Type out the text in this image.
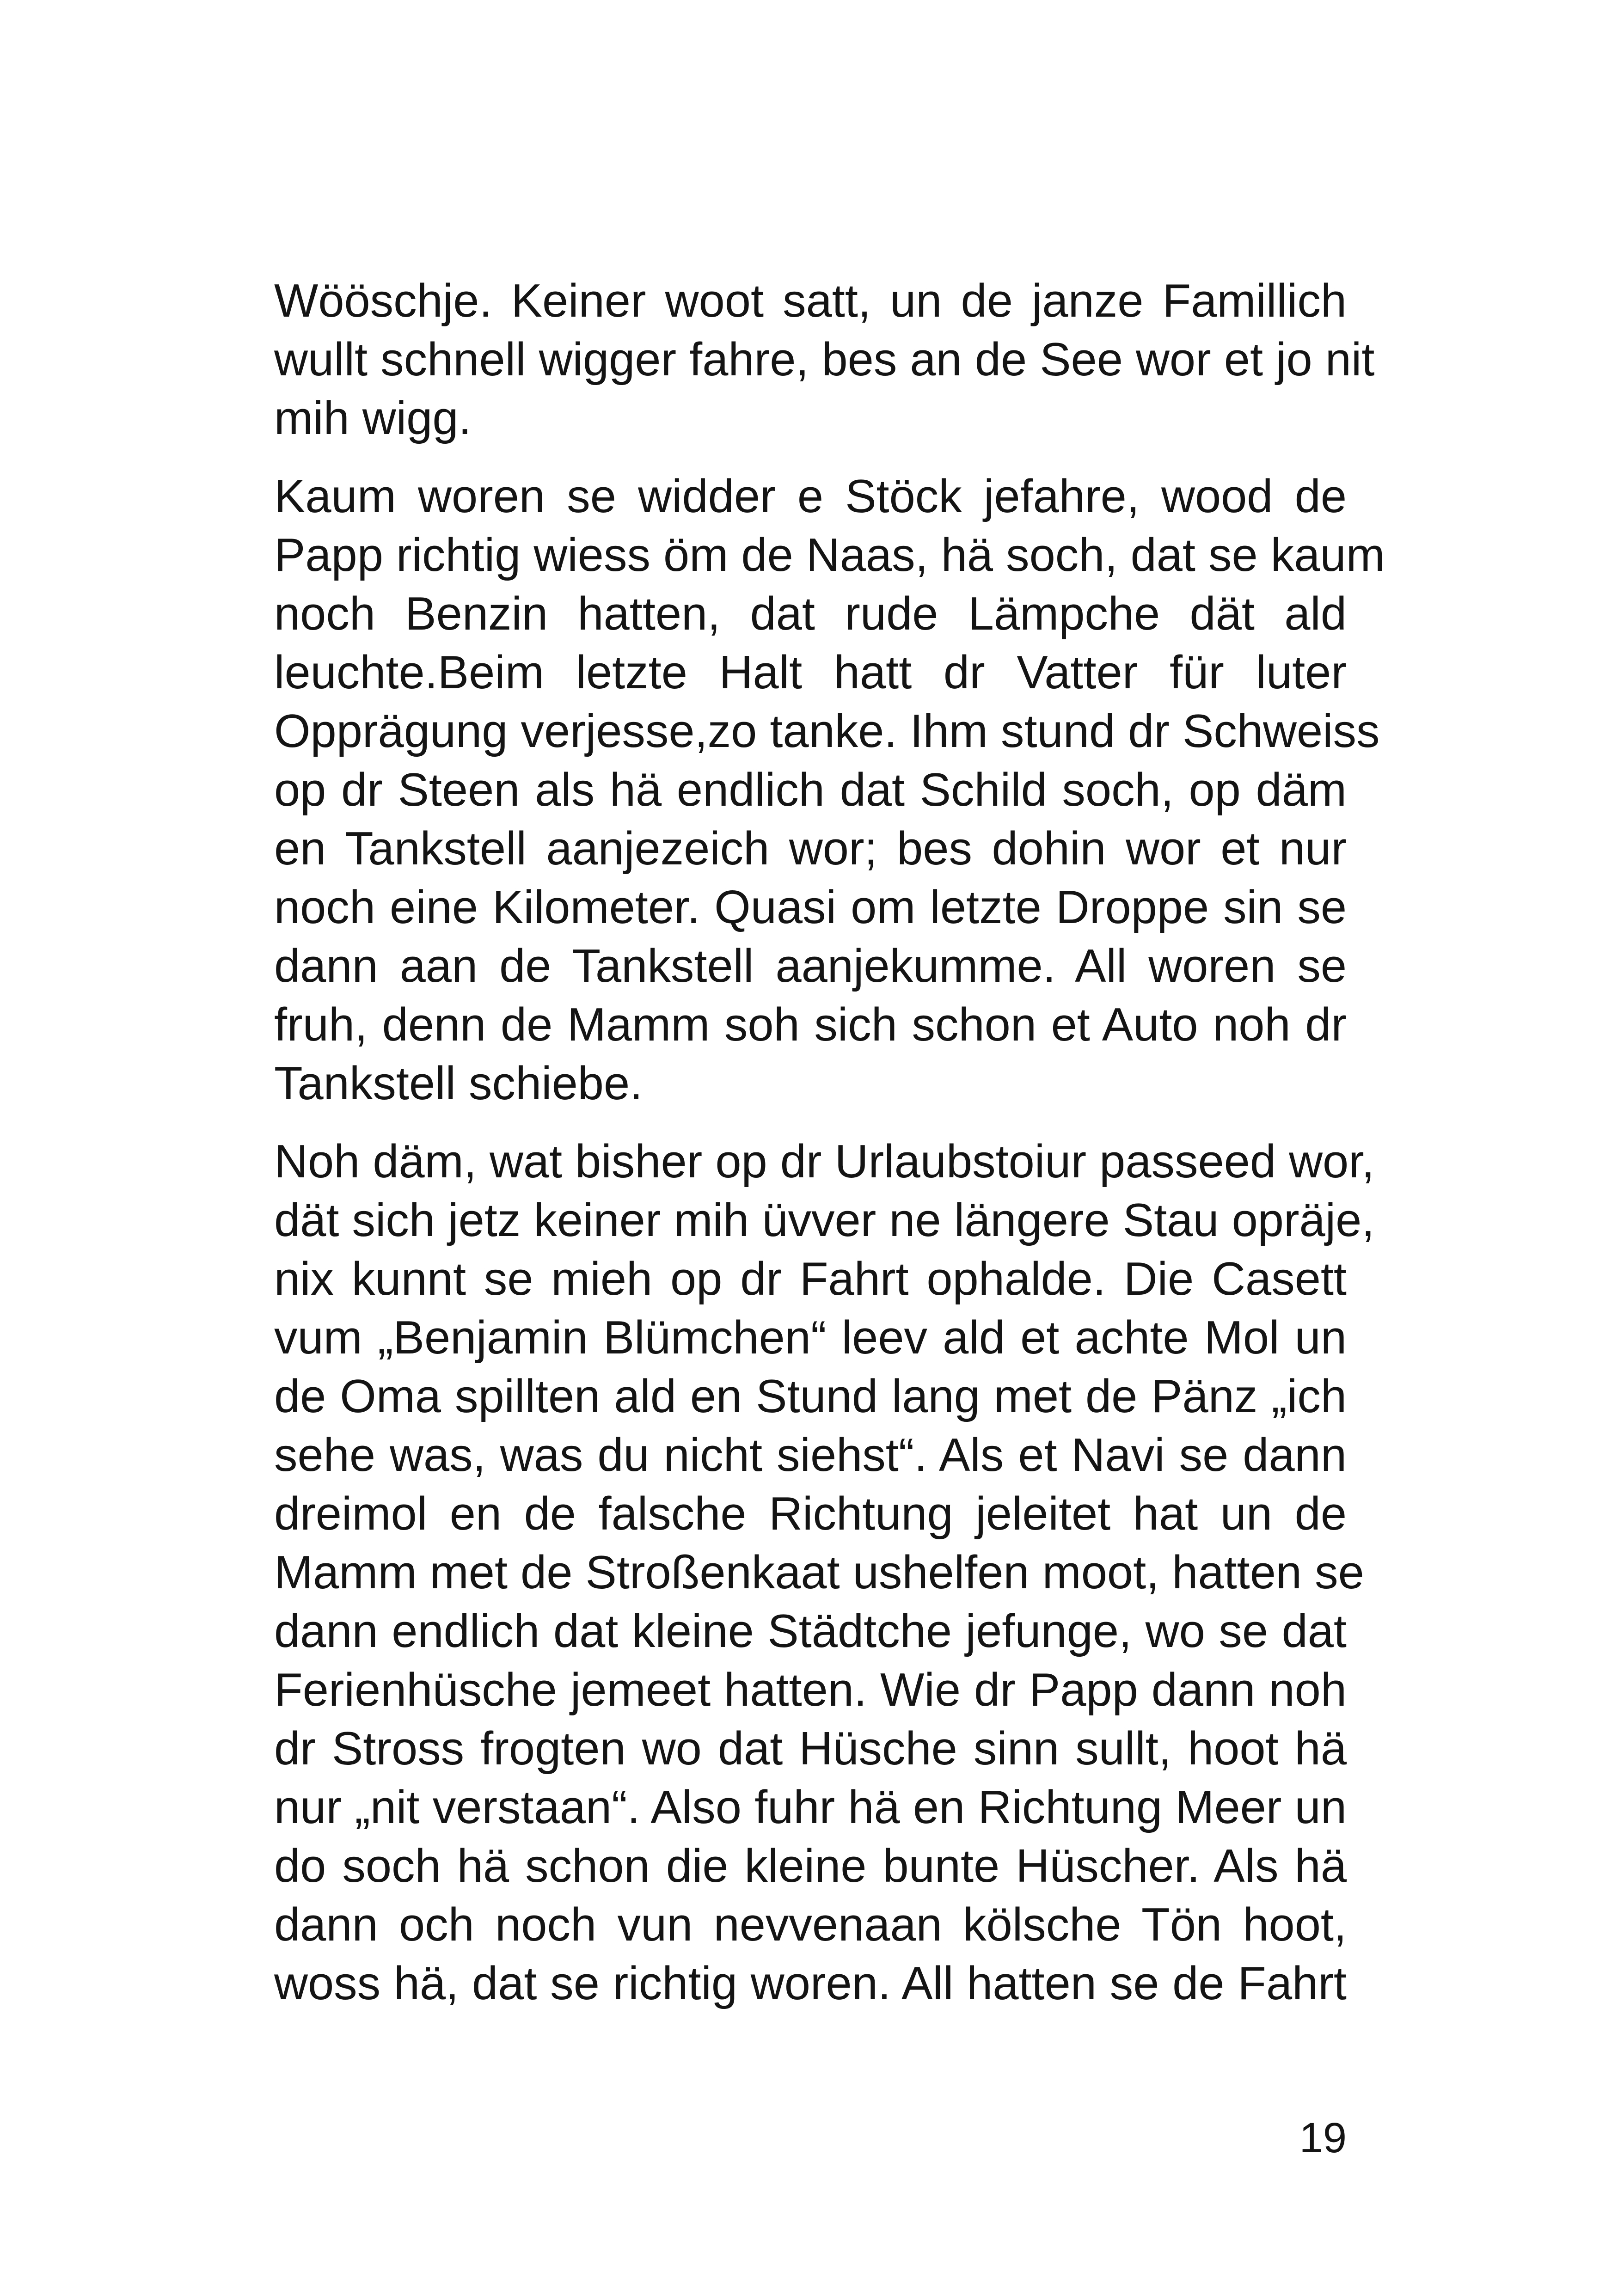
Wööschje. Keiner woot satt, un de janze Famillich
wullt schnell wigger fahre, bes an de See wor et jo nit
mih wigg.
Kaum woren se widder e Stöck jefahre, wood de
Papp richtig wiess öm de Naas, hä soch, dat se kaum
noch Benzin hatten, dat rude Lämpche dät ald
leuchte.Beim letzte Halt hatt dr Vatter für luter
Opprägung verjesse,zo tanke. Ihm stund dr Schweiss
op dr Steen als hä endlich dat Schild soch, op däm
en Tankstell aanjezeich wor; bes dohin wor et nur
noch eine Kilometer. Quasi om letzte Droppe sin se
dann aan de Tankstell aanjekumme. All woren se
fruh, denn de Mamm soh sich schon et Auto noh dr
Tankstell schiebe.
Noh däm, wat bisher op dr Urlaubstoiur passeed wor,
dät sich jetz keiner mih üvver ne längere Stau opräje,
nix kunnt se mieh op dr Fahrt ophalde. Die Casett
vum „Benjamin Blümchen“ leev ald et achte Mol un
de Oma spillten ald en Stund lang met de Pänz „ich
sehe was, was du nicht siehst“. Als et Navi se dann
dreimol en de falsche Richtung jeleitet hat un de
Mamm met de Stroßenkaat ushelfen moot, hatten se
dann endlich dat kleine Städtche jefunge, wo se dat
Ferienhüsche jemeet hatten. Wie dr Papp dann noh
dr Stross frogten wo dat Hüsche sinn sullt, hoot hä
nur „nit verstaan“. Also fuhr hä en Richtung Meer un
do soch hä schon die kleine bunte Hüscher. Als hä
dann och noch vun nevvenaan kölsche Tön hoot,
woss hä, dat se richtig woren. All hatten se de Fahrt
19
